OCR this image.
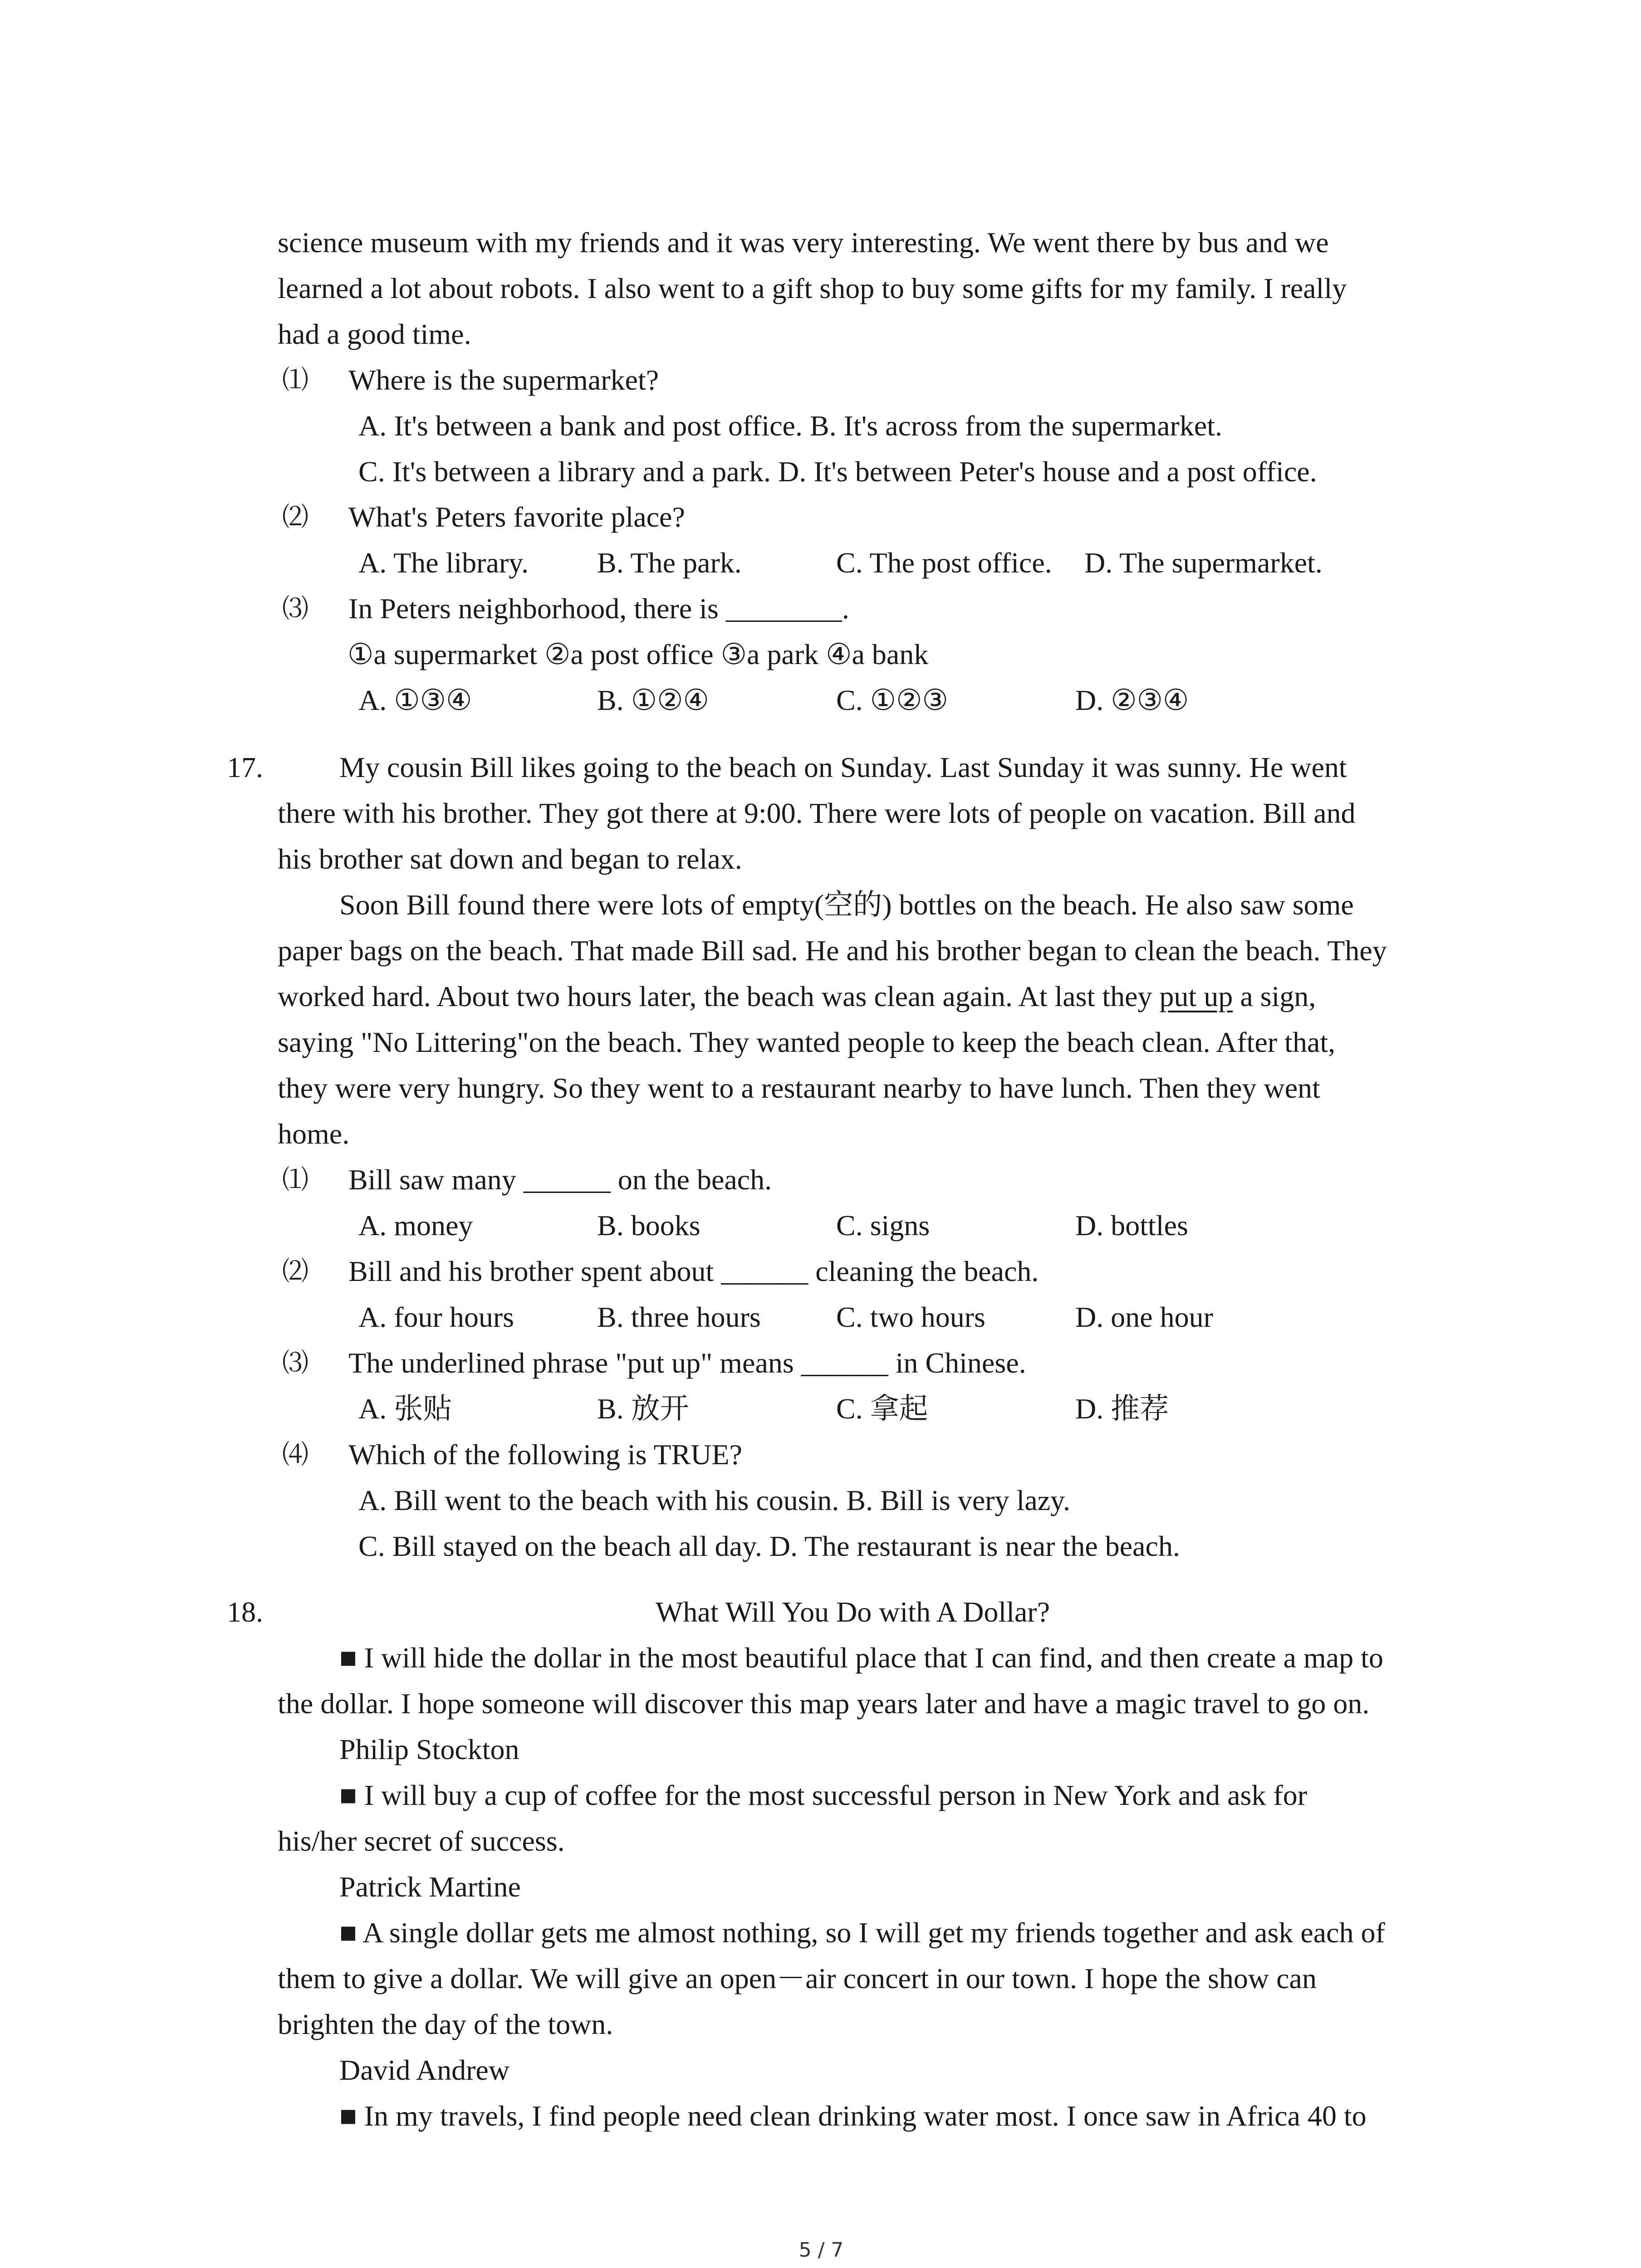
science museum with my friends and it was very interesting. We went there by bus and we
learned a lot about robots. I also went to a gift shop to buy some gifts for my family. I really
had a good time.
⑴ Where is the supermarket?
A. It's between a bank and post office. B. It's across from the supermarket.
C. It's between a library and a park. D. It's between Peter's house and a post office.
⑵ What's Peters favorite place?
A. The library. B. The park.	C. The post office. D. The supermarket.
⑶ In Peters neighborhood, there is ________.
①a supermarket ②a post office ③a park ④a bank
A. ①③④	B. ①②④	C. ①②③	D. ②③④
17.	My cousin Bill likes going to the beach on Sunday. Last Sunday it was sunny. He went
there with his brother. They got there at 9:00. There were lots of people on vacation. Bill and
his brother sat down and began to relax.
Soon Bill found there were lots of empty(空的) bottles on the beach. He also saw some
paper bags on the beach. That made Bill sad. He and his brother began to clean the beach. They
worked hard. About two hours later, the beach was clean again. At last they put up a sign,
saying "No Littering"on the beach. They wanted people to keep the beach clean. After that,
they were very hungry. So they went to a restaurant nearby to have lunch. Then they went
home.
⑴ Bill saw many ______ on the beach.
A. money	B. books	C. signs	D. bottles
⑵ Bill and his brother spent about ______ cleaning the beach.
A. four hours	B. three hours	C. two hours	D. one hour
⑶ The underlined phrase "put up" means ______ in Chinese.
A. 张贴	B. 放开	C. 拿起	D. 推荐
⑷ Which of the following is TRUE?
A. Bill went to the beach with his cousin. B. Bill is very lazy.
C. Bill stayed on the beach all day. D. The restaurant is near the beach.
18.	What Will You Do with A Dollar?
■ I will hide the dollar in the most beautiful place that I can find, and then create a map to
the dollar. I hope someone will discover this map years later and have a magic travel to go on.
Philip Stockton
■ I will buy a cup of coffee for the most successful person in New York and ask for
his/her secret of success.
Patrick Martine
■ A single dollar gets me almost nothing, so I will get my friends together and ask each of
them to give a dollar. We will give an open－air concert in our town. I hope the show can
brighten the day of the town.
David Andrew
■ In my travels, I find people need clean drinking water most. I once saw in Africa 40 to
5 / 7
